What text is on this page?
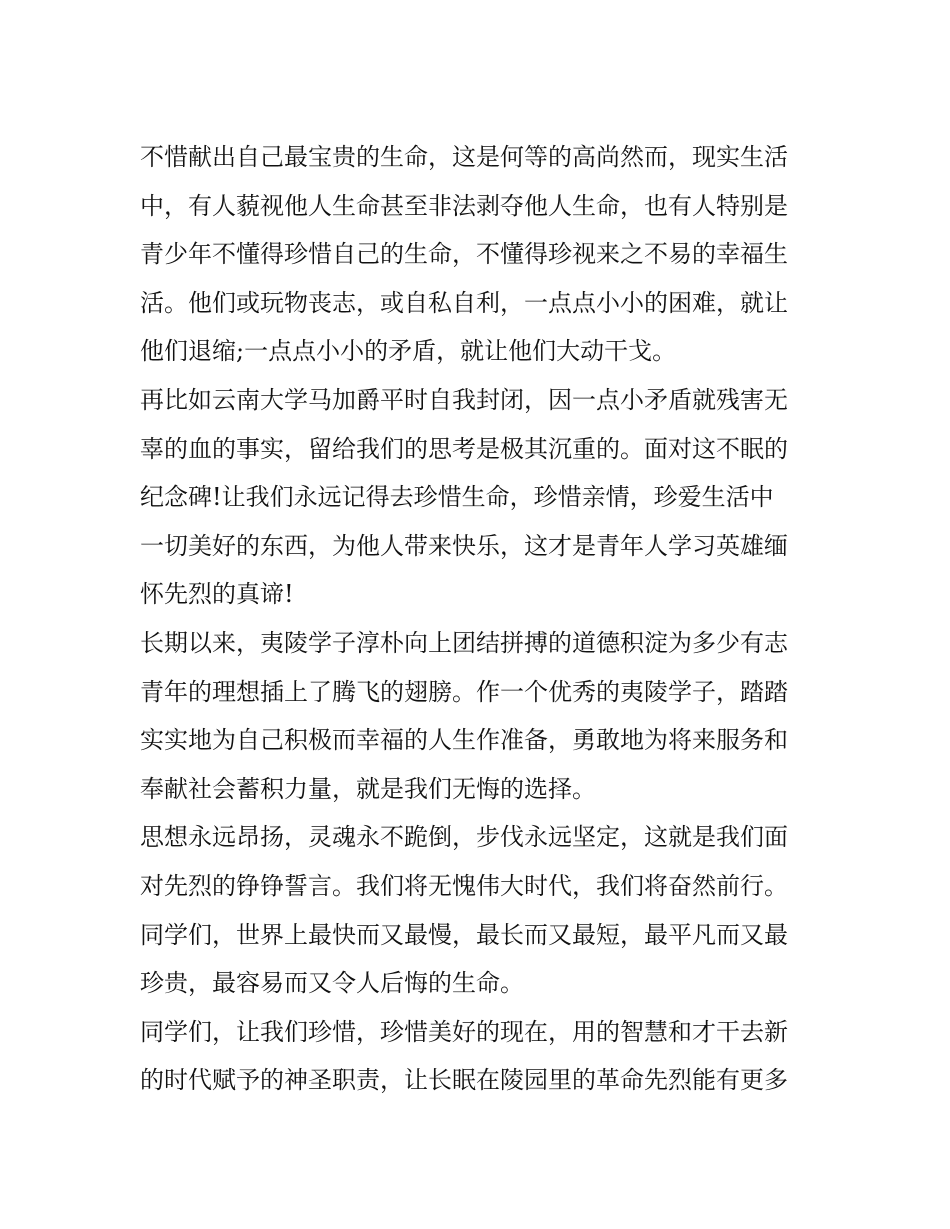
不惜献出自己最宝贵的生命，这是何等的高尚然而，现实生活
中，有人藐视他人生命甚至非法剥夺他人生命，也有人特别是
青少年不懂得珍惜自己的生命，不懂得珍视来之不易的幸福生
活。他们或玩物丧志，或自私自利，一点点小小的困难，就让
他们退缩;一点点小小的矛盾，就让他们大动干戈。
再比如云南大学马加爵平时自我封闭，因一点小矛盾就残害无
辜的血的事实，留给我们的思考是极其沉重的。面对这不眠的
纪念碑!让我们永远记得去珍惜生命，珍惜亲情，珍爱生活中
一切美好的东西，为他人带来快乐，这才是青年人学习英雄缅
怀先烈的真谛!
长期以来，夷陵学子淳朴向上团结拼搏的道德积淀为多少有志
青年的理想插上了腾飞的翅膀。作一个优秀的夷陵学子，踏踏
实实地为自己积极而幸福的人生作准备，勇敢地为将来服务和
奉献社会蓄积力量，就是我们无悔的选择。
思想永远昂扬，灵魂永不跪倒，步伐永远坚定，这就是我们面
对先烈的铮铮誓言。我们将无愧伟大时代，我们将奋然前行。
同学们，世界上最快而又最慢，最长而又最短，最平凡而又最
珍贵，最容易而又令人后悔的生命。
同学们，让我们珍惜，珍惜美好的现在，用的智慧和才干去新
的时代赋予的神圣职责，让长眠在陵园里的革命先烈能有更多
